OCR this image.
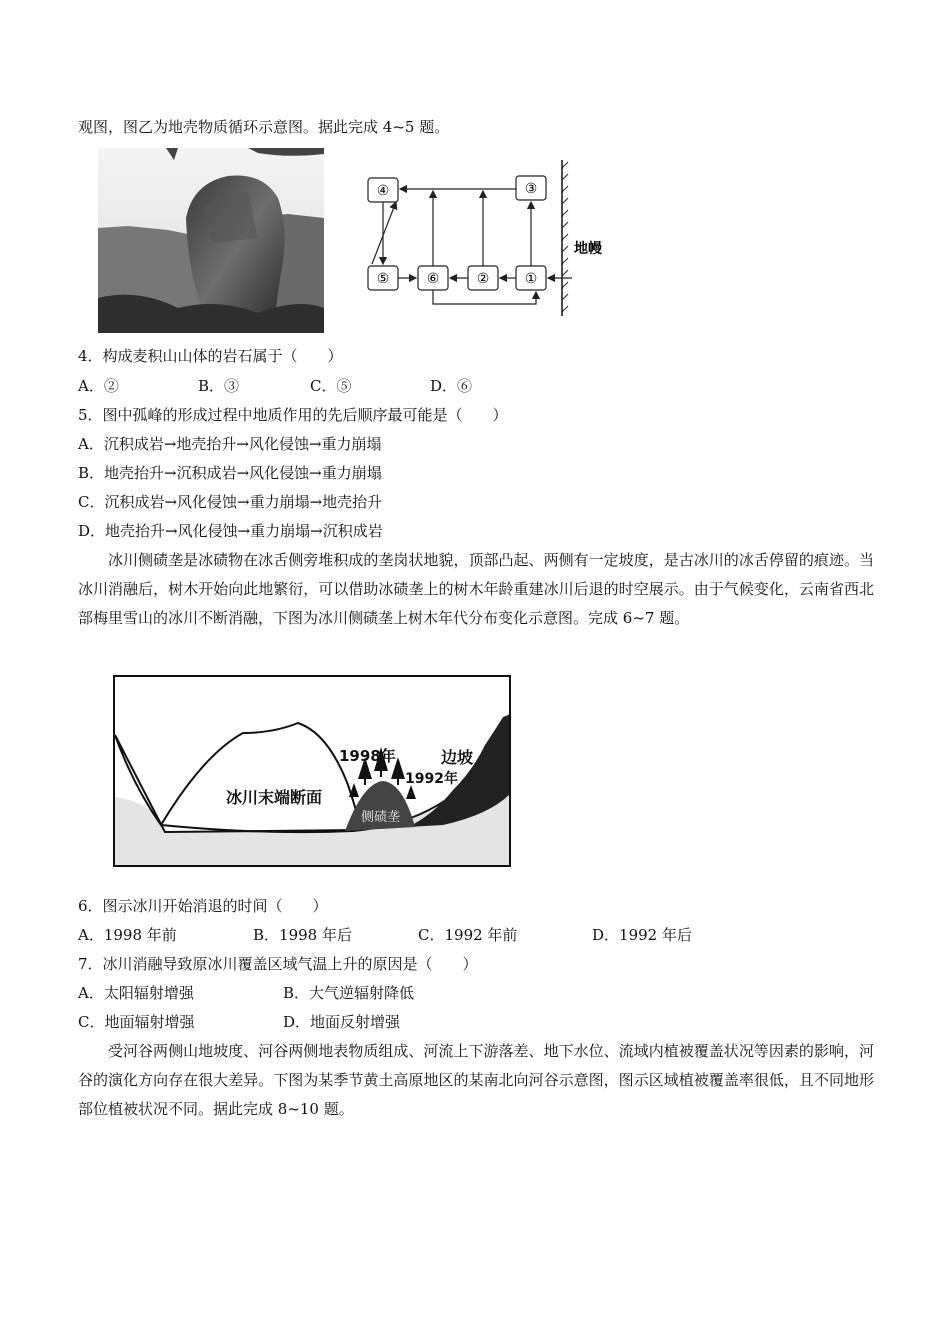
观图，图乙为地壳物质循环示意图。据此完成 4~5 题。
④	③
⑤	⑥	②	①
地幔
4．构成麦积山山体的岩石属于（　　）
A．②	B．③	C．⑤	D．⑥
5．图中孤峰的形成过程中地质作用的先后顺序最可能是（　　）
A．沉积成岩→地壳抬升→风化侵蚀→重力崩塌
B．地壳抬升→沉积成岩→风化侵蚀→重力崩塌
C．沉积成岩→风化侵蚀→重力崩塌→地壳抬升
D．地壳抬升→风化侵蚀→重力崩塌→沉积成岩
冰川侧碛垄是冰碛物在冰舌侧旁堆积成的垄岗状地貌，顶部凸起、两侧有一定坡度，是古冰川的冰舌停留的痕迹。当冰川消融后，树木开始向此地繁衍，可以借助冰碛垄上的树木年龄重建冰川后退的时空展示。由于气候变化，云南省西北部梅里雪山的冰川不断消融，下图为冰川侧碛垄上树木年代分布变化示意图。完成 6~7 题。
冰川末端断面
1998年
1992年
边坡
侧碛垄
6．图示冰川开始消退的时间（　　）
A．1998 年前	B．1998 年后	C．1992 年前	D．1992 年后
7．冰川消融导致原冰川覆盖区域气温上升的原因是（　　）
A．太阳辐射增强	B．大气逆辐射降低
C．地面辐射增强	D．地面反射增强
受河谷两侧山地坡度、河谷两侧地表物质组成、河流上下游落差、地下水位、流域内植被覆盖状况等因素的影响，河谷的演化方向存在很大差异。下图为某季节黄土高原地区的某南北向河谷示意图，图示区域植被覆盖率很低，且不同地形部位植被状况不同。据此完成 8~10 题。
